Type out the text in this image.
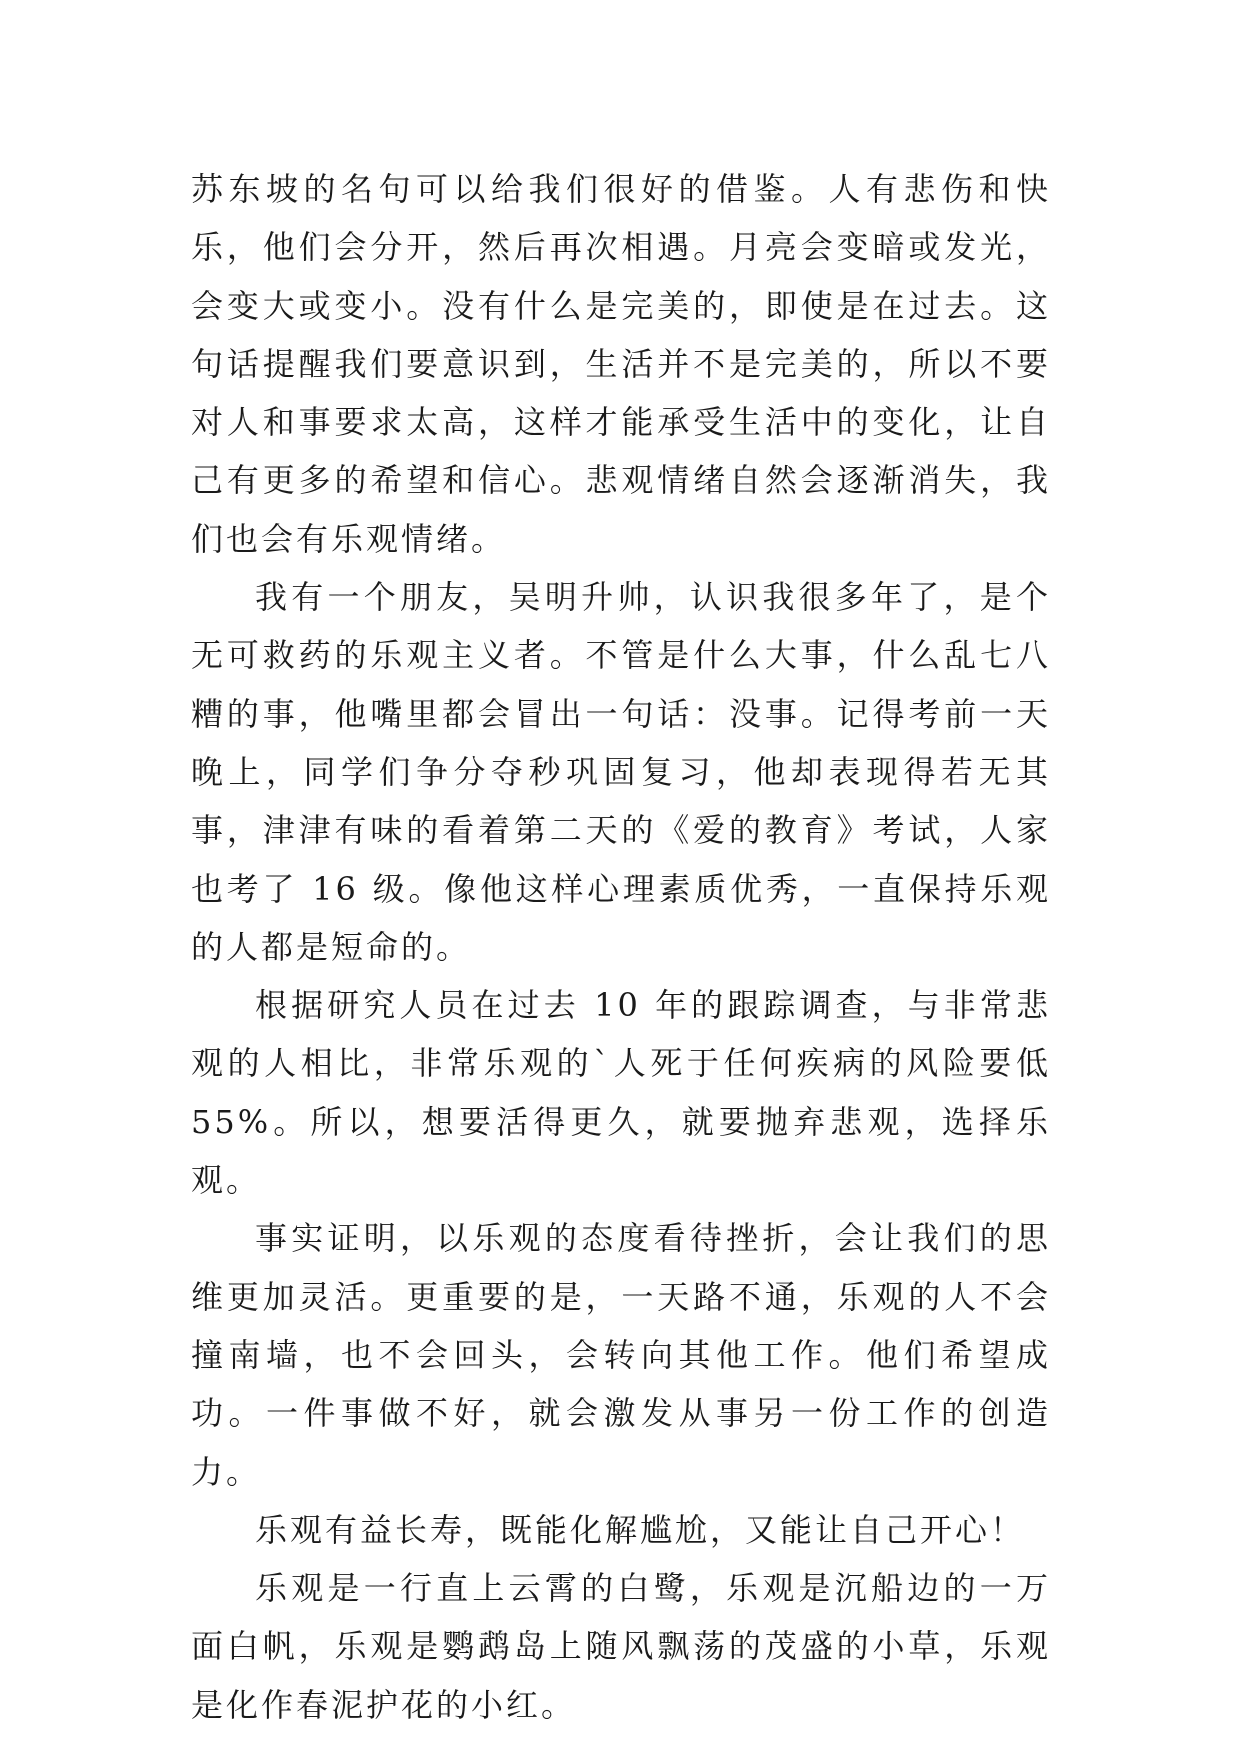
苏东坡的名句可以给我们很好的借鉴。人有悲伤和快乐，他们会分开，然后再次相遇。月亮会变暗或发光，会变大或变小。没有什么是完美的，即使是在过去。这句话提醒我们要意识到，生活并不是完美的，所以不要对人和事要求太高，这样才能承受生活中的变化，让自己有更多的希望和信心。悲观情绪自然会逐渐消失，我们也会有乐观情绪。

我有一个朋友，吴明升帅，认识我很多年了，是个无可救药的乐观主义者。不管是什么大事，什么乱七八糟的事，他嘴里都会冒出一句话：没事。记得考前一天晚上，同学们争分夺秒巩固复习，他却表现得若无其事，津津有味的看着第二天的《爱的教育》考试，人家也考了 16 级。像他这样心理素质优秀，一直保持乐观的人都是短命的。

根据研究人员在过去 10 年的跟踪调查，与非常悲观的人相比，非常乐观的`人死于任何疾病的风险要低 55%。所以，想要活得更久，就要抛弃悲观，选择乐观。

事实证明，以乐观的态度看待挫折，会让我们的思维更加灵活。更重要的是，一天路不通，乐观的人不会撞南墙，也不会回头，会转向其他工作。他们希望成功。一件事做不好，就会激发从事另一份工作的创造力。

乐观有益长寿，既能化解尴尬，又能让自己开心！

乐观是一行直上云霄的白鹭，乐观是沉船边的一万面白帆，乐观是鹦鹉岛上随风飘荡的茂盛的小草，乐观是化作春泥护花的小红。
